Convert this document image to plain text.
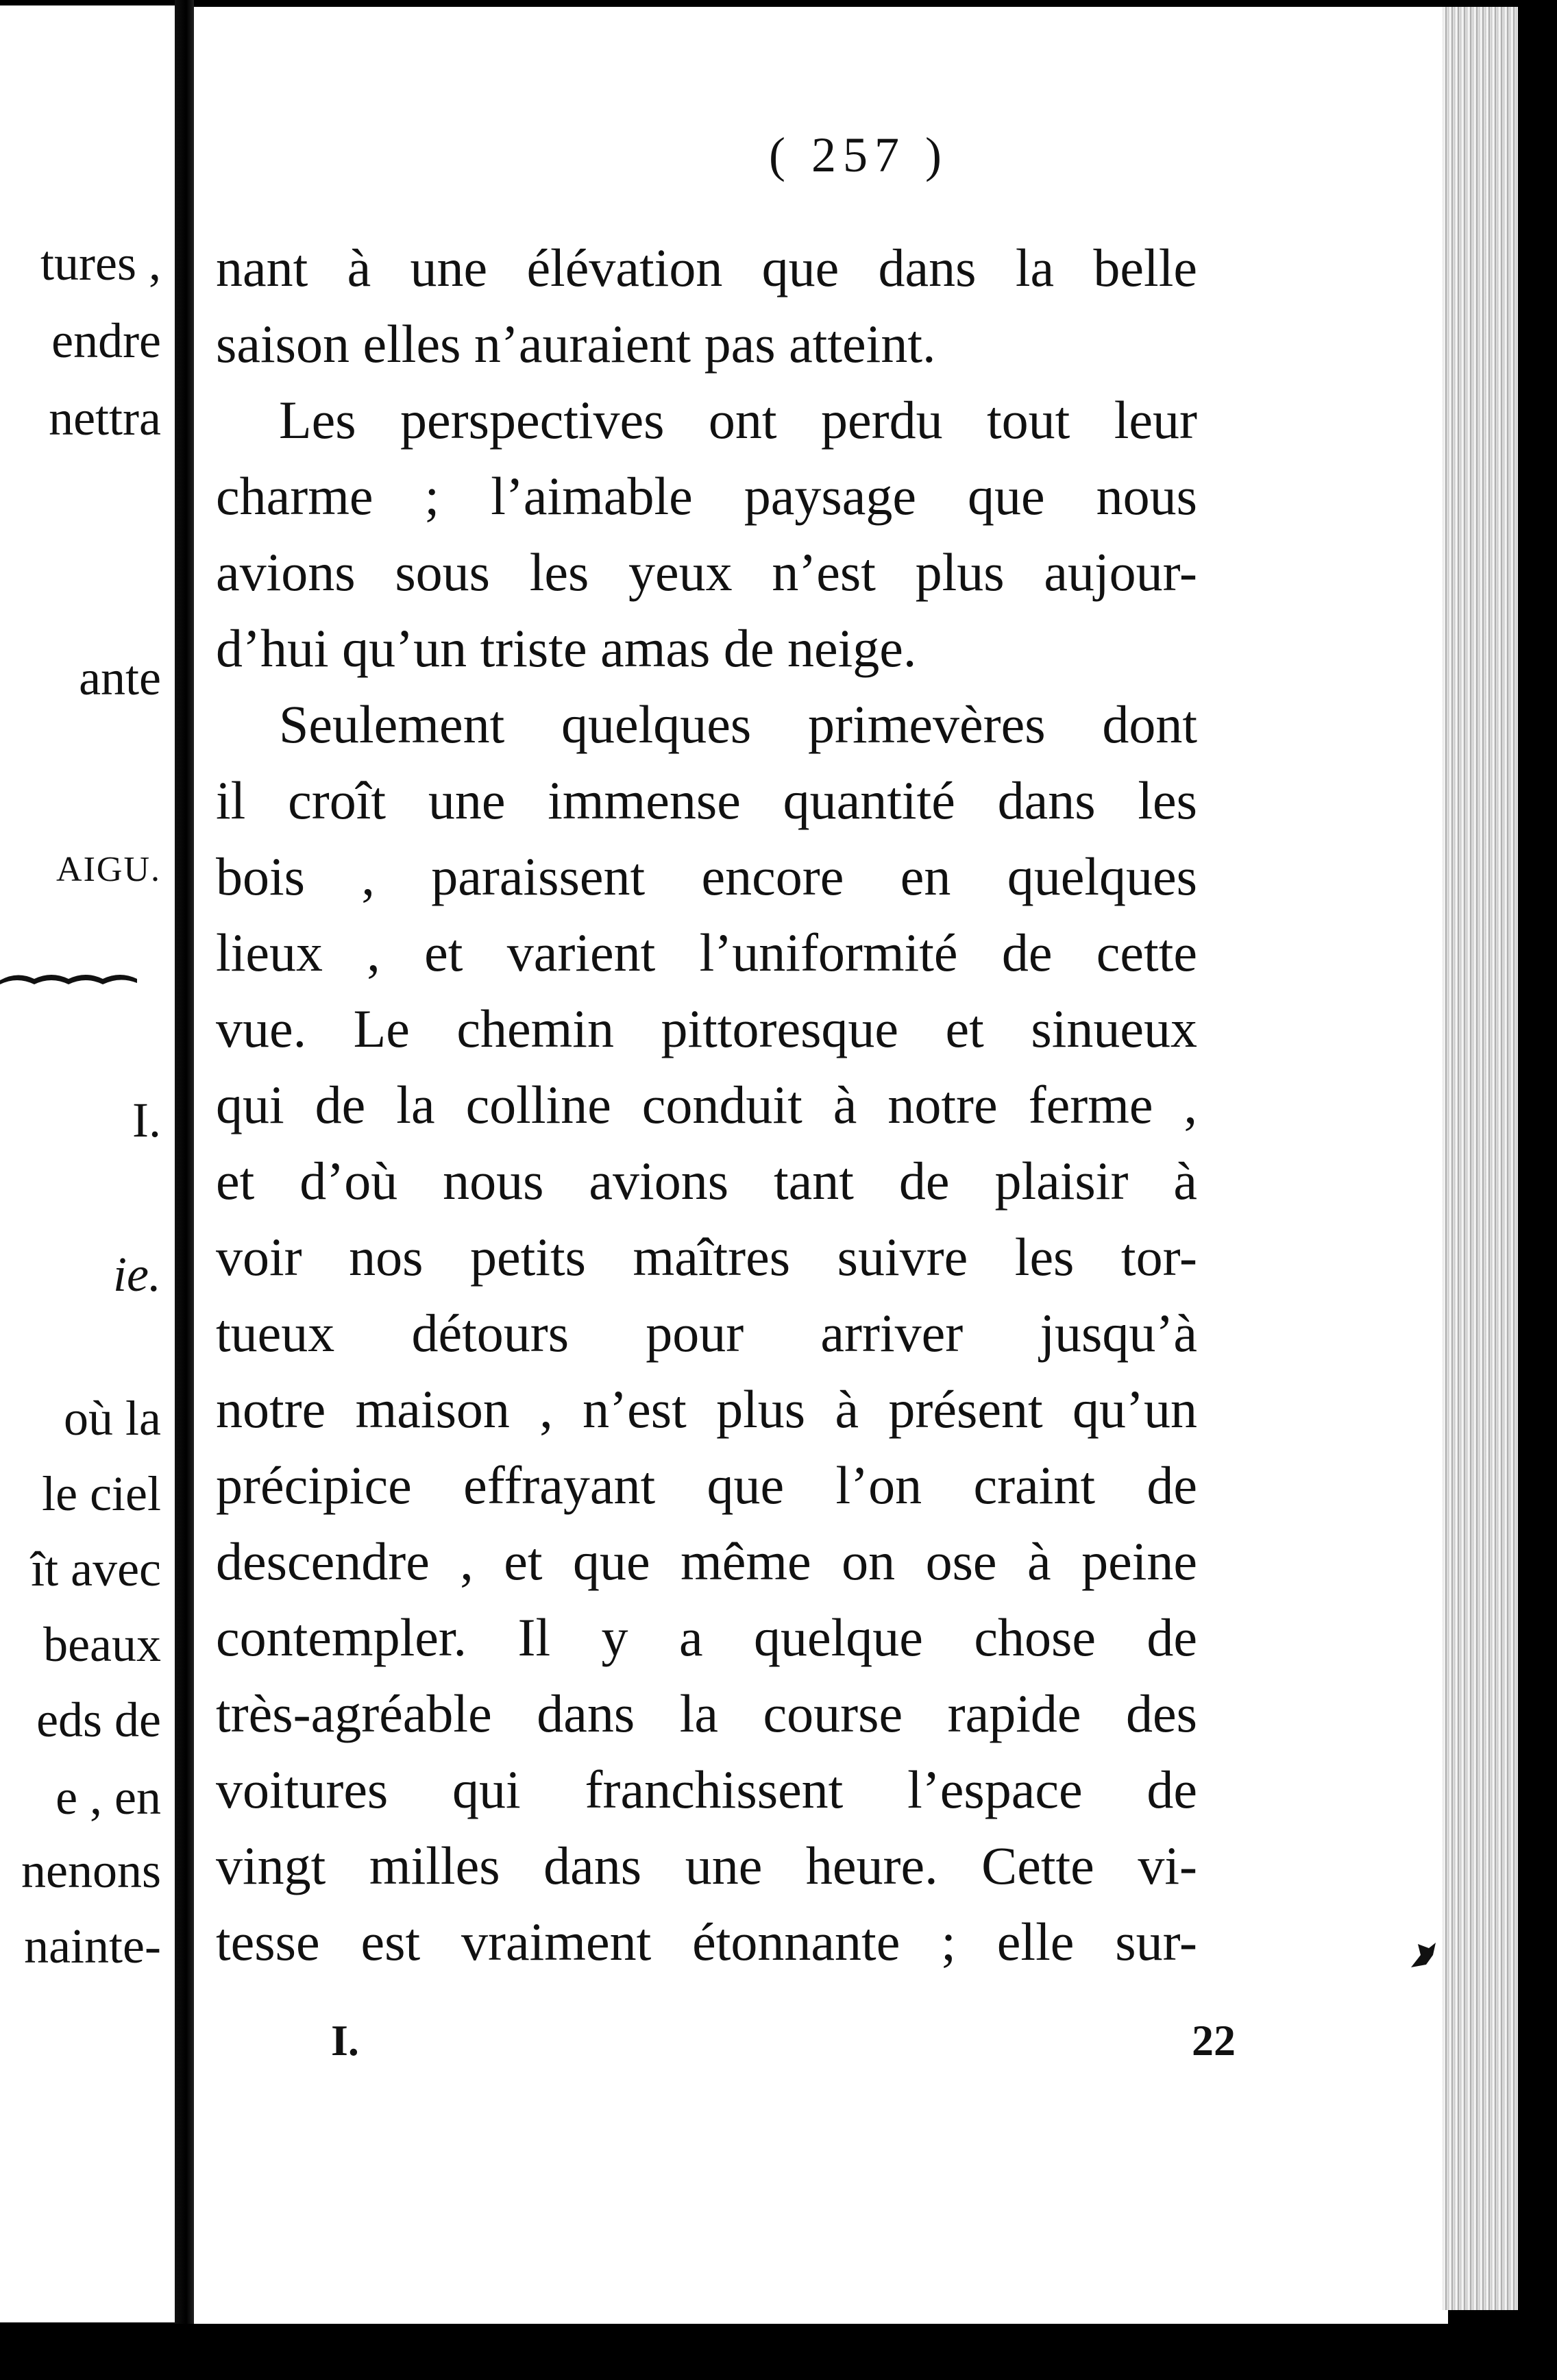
tures ,
endre
nettra
ante
AIGU.
I.
ie.
où la
le ciel
ît avec
beaux
eds de
e , en
nenons
nainte-
( 257 )
nant à une élévation que dans la belle
saison elles n’auraient pas atteint.
Les perspectives ont perdu tout leur
charme ; l’aimable paysage que nous
avions sous les yeux n’est plus aujour-
d’hui qu’un triste amas de neige.
Seulement quelques primevères dont
il croît une immense quantité dans les
bois , paraissent encore en quelques
lieux , et varient l’uniformité de cette
vue. Le chemin pittoresque et sinueux
qui de la colline conduit à notre ferme ,
et d’où nous avions tant de plaisir à
voir nos petits maîtres suivre les tor-
tueux détours pour arriver jusqu’à
notre maison , n’est plus à présent qu’un
précipice effrayant que l’on craint de
descendre , et que même on ose à peine
contempler. Il y a quelque chose de
très-agréable dans la course rapide des
voitures qui franchissent l’espace de
vingt milles dans une heure. Cette vi-
tesse est vraiment étonnante ; elle sur-
I.	22
